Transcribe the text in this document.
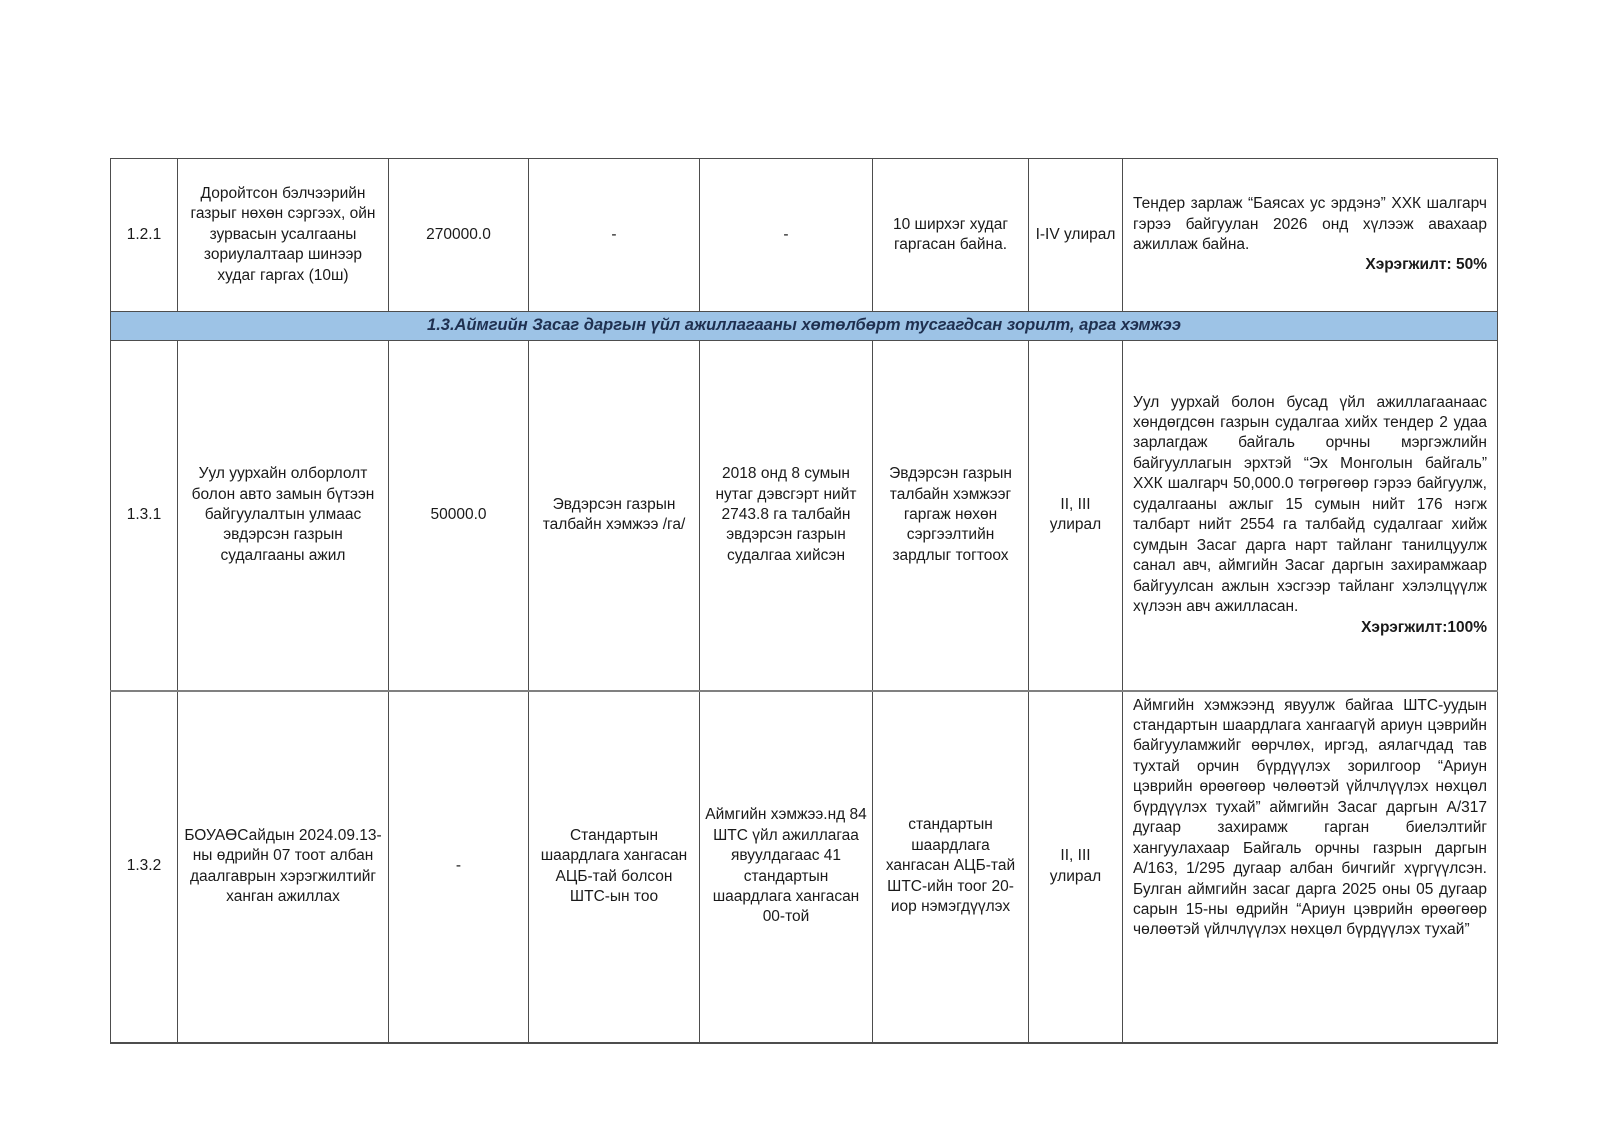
1.2.1	Доройтсон бэлчээрийн газрыг нөхөн сэргээх, ойн зурвасын усалгааны зориулалтаар шинээр худаг гаргах (10ш)	270000.0	-	-	10 ширхэг худаг гаргасан байна.	I-IV улирал	Тендер зарлаж “Баясах ус эрдэнэ” ХХК шалгарч гэрээ байгуулан 2026 онд хүлээж авахаар ажиллаж байна.
Хэрэгжилт: 50%

1.3.Аймгийн Засаг даргын үйл ажиллагааны хөтөлбөрт тусгагдсан зорилт, арга хэмжээ							
1.3.1	Уул уурхайн олборлолт болон авто замын бүтээн байгуулалтын улмаас эвдэрсэн газрын судалгааны ажил	50000.0	Эвдэрсэн газрын талбайн хэмжээ /га/	2018 онд 8 сумын нутаг дэвсгэрт нийт 2743.8 га талбайн эвдэрсэн газрын судалгаа хийсэн	Эвдэрсэн газрын талбайн хэмжээг гаргаж нөхөн сэргээлтийн зардлыг тогтоох	II, III улирал	Уул уурхай болон бусад үйл ажиллагаанаас хөндөгдсөн газрын судалгаа хийх тендер 2 удаа зарлагдаж байгаль орчны мэргэжлийн байгууллагын эрхтэй “Эх Монголын байгаль” ХХК шалгарч 50,000.0 төгрөгөөр гэрээ байгуулж, судалгааны ажлыг 15 сумын нийт 176 нэгж талбарт нийт 2554 га талбайд судалгааг хийж сумдын Засаг дарга нарт тайланг танилцуулж санал авч, аймгийн Засаг даргын захирамжаар байгуулсан ажлын хэсгээр тайланг хэлэлцүүлж хүлээн авч ажилласан.
Хэрэгжилт:100%

1.3.2	БОУАӨСайдын 2024.09.13-ны өдрийн 07 тоот албан даалгаврын хэрэгжилтийг ханган ажиллах	-	Стандартын шаардлага хангасан АЦБ-тай болсон ШТС-ын тоо	Аймгийн хэмжээ.нд 84 ШТС үйл ажиллагаа явуулдагаас 41 стандартын шаардлага хангасан 00-той	стандартын шаардлага хангасан АЦБ-тай ШТС-ийн тоог 20-иор нэмэгдүүлэх	II, III улирал	Аймгийн хэмжээнд явуулж байгаа ШТС-уудын стандартын шаардлага хангаагүй ариун цэврийн байгууламжийг өөрчлөх, иргэд, аялагчдад тав тухтай орчин бүрдүүлэх зорилгоор “Ариун цэврийн өрөөгөөр чөлөөтэй үйлчлүүлэх нөхцөл бүрдүүлэх тухай” аймгийн Засаг даргын А/317 дугаар захирамж гарган биелэлтийг хангуулахаар Байгаль орчны газрын даргын А/163, 1/295 дугаар албан бичгийг хүргүүлсэн. Булган аймгийн засаг дарга 2025 оны 05 дугаар сарын 15-ны өдрийн “Ариун цэврийн өрөөгөөр чөлөөтэй үйлчлүүлэх нөхцөл бүрдүүлэх тухай”
